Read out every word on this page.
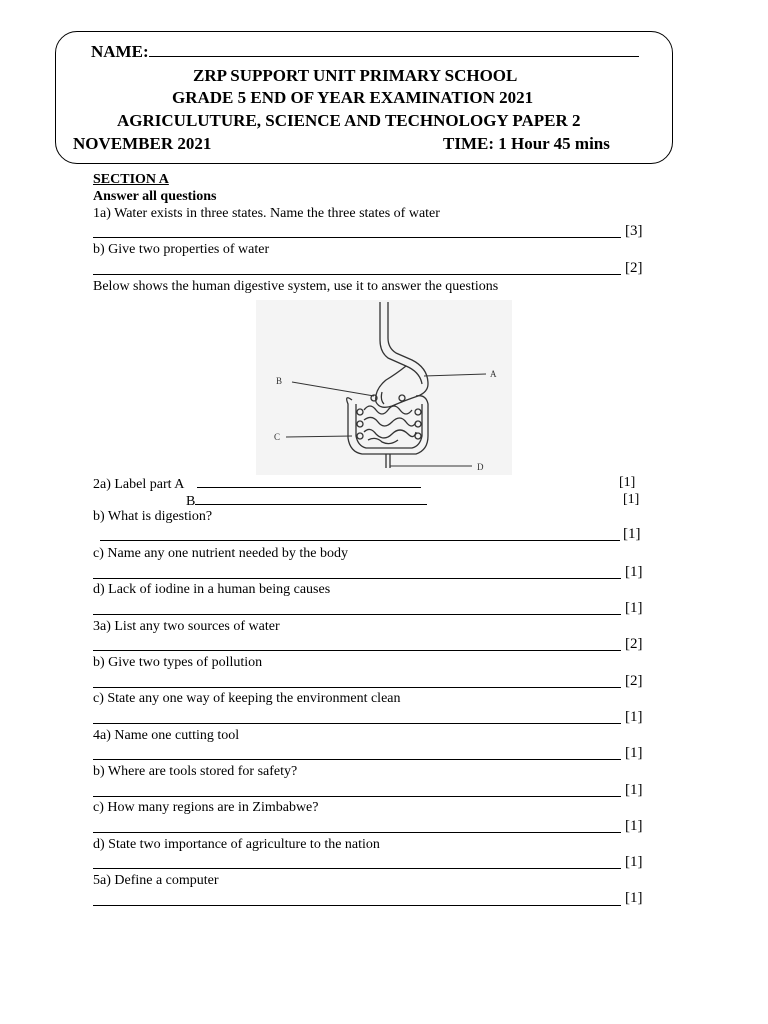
NAME:
ZRP SUPPORT UNIT PRIMARY SCHOOL
GRADE 5 END OF YEAR EXAMINATION 2021
AGRICULUTURE, SCIENCE AND TECHNOLOGY PAPER 2
NOVEMBER 2021	TIME: 1 Hour 45 mins
SECTION A
Answer all questions
1a) Water exists in three states. Name the three states of water
[3]
b) Give two properties of water
[2]
Below shows the human digestive system, use it to answer the questions
A
B
C
D
2a) Label part A	[1]
B	[1]
b) What is digestion?
[1]
c) Name any one nutrient needed by the body
[1]
d) Lack of iodine in a human being causes
[1]
3a) List any two sources of water
[2]
b) Give two types of pollution
[2]
c) State any one way of keeping the environment clean
[1]
4a) Name one cutting tool
[1]
b) Where are tools stored for safety?
[1]
c) How many regions are in Zimbabwe?
[1]
d) State two importance of agriculture to the nation
[1]
5a) Define a computer
[1]
